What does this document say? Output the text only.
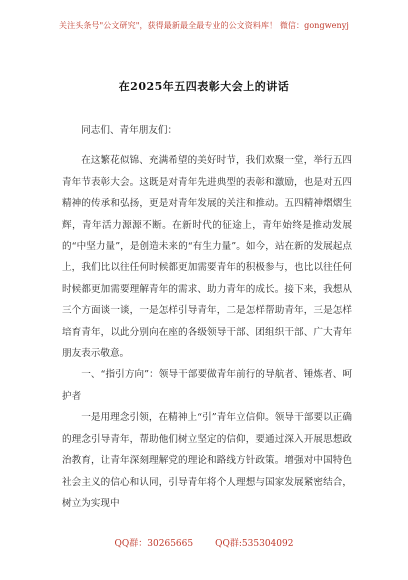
关注头条号"公文研究"，获得最新最全最专业的公文资料库！ 微信：gongwenyj
在2025年五四表彰大会上的讲话

同志们、青年朋友们：

在这繁花似锦、充满希望的美好时节，我们欢聚一堂，举行五四青年节表彰大会。这既是对青年先进典型的表彰和激励，也是对五四精神的传承和弘扬，更是对青年发展的关注和推动。五四精神熠熠生辉，青年活力源源不断。在新时代的征途上，青年始终是推动发展的“中坚力量”，是创造未来的“有生力量”。如今，站在新的发展起点上，我们比以往任何时候都更加需要青年的积极参与，也比以往任何时候都更加需要理解青年的需求、助力青年的成长。接下来，我想从三个方面谈一谈，一是怎样引导青年，二是怎样帮助青年，三是怎样培育青年，以此分别向在座的各级领导干部、团组织干部、广大青年朋友表示敬意。

一、“指引方向”：领导干部要做青年前行的导航者、锤炼者、呵护者

一是用理念引领，在精神上“引”青年立信仰。领导干部要以正确的理念引导青年，帮助他们树立坚定的信仰，要通过深入开展思想政治教育，让青年深刻理解党的理论和路线方针政策。增强对中国特色社会主义的信心和认同，引导青年将个人理想与国家发展紧密结合，树立为实现中

QQ群：30265665 QQ群:535304092
